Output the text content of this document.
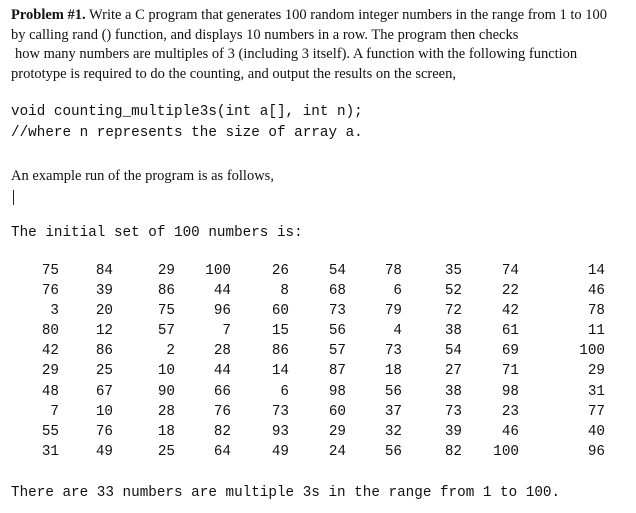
Problem #1. Write a C program that generates 100 random integer numbers in the range from 1 to 100
by calling rand () function, and displays 10 numbers in a row. The program then checks
how many numbers are multiples of 3 (including 3 itself). A function with the following function
prototype is required to do the counting, and output the results on the screen,
void counting_multiple3s(int a[], int n);
//where n represents the size of array a.
An example run of the program is as follows,
The initial set of 100 numbers is:
75	84	29	100	26	54	78	35	74	14
76	39	86	44	8	68	6	52	22	46
3	20	75	96	60	73	79	72	42	78
80	12	57	7	15	56	4	38	61	11
42	86	2	28	86	57	73	54	69	100
29	25	10	44	14	87	18	27	71	29
48	67	90	66	6	98	56	38	98	31
7	10	28	76	73	60	37	73	23	77
55	76	18	82	93	29	32	39	46	40
31	49	25	64	49	24	56	82	100	96
There are 33 numbers are multiple 3s in the range from 1 to 100.
